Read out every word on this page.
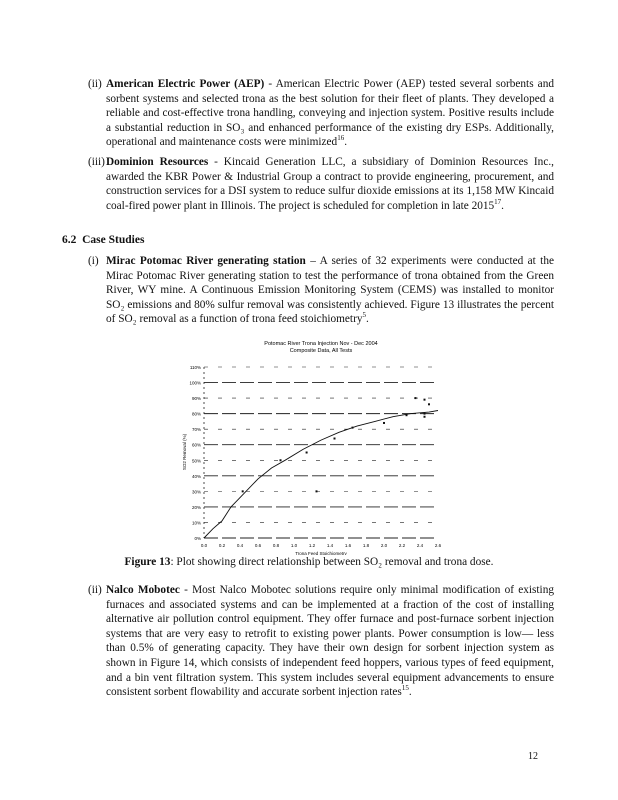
(ii) American Electric Power (AEP) - American Electric Power (AEP) tested several sorbents and sorbent systems and selected trona as the best solution for their fleet of plants. They developed a reliable and cost-effective trona handling, conveying and injection system. Positive results include a substantial reduction in SO₃ and enhanced performance of the existing dry ESPs. Additionally, operational and maintenance costs were minimized$^{16}$.

(iii) Dominion Resources - Kincaid Generation LLC, a subsidiary of Dominion Resources Inc., awarded the KBR Power & Industrial Group a contract to provide engineering, procurement, and construction services for a DSI system to reduce sulfur dioxide emissions at its 1,158 MW Kincaid coal-fired power plant in Illinois. The project is scheduled for completion in late 2015$^{17}$.

6.2 Case Studies
(i) Mirac Potomac River generating station – A series of 32 experiments were conducted at the Mirac Potomac River generating station to test the performance of trona obtained from the Green River, WY mine. A Continuous Emission Monitoring System (CEMS) was installed to monitor SO₂ emissions and 80% sulfur removal was consistently achieved. Figure 13 illustrates the percent of SO₂ removal as a function of trona feed stoichiometry$^5$.

Potomac River Trona Injection Nov - Dec 2004
Composite Data, All Tests
0%
10%
20%
30%
40%
50%
60%
70%
80%
90%
100%
110%
0.0	0.2	0.4	0.6	0.8	1.0	1.2	1.4	1.6	1.8	2.0	2.2	2.4	2.6
Trona Feed Stoichiometry
SO2 Removal (%)
Figure 13: Plot showing direct relationship between SO₂ removal and trona dose.
(ii) Nalco Mobotec - Most Nalco Mobotec solutions require only minimal modification of existing furnaces and associated systems and can be implemented at a fraction of the cost of installing alternative air pollution control equipment. They offer furnace and post-furnace sorbent injection systems that are very easy to retrofit to existing power plants. Power consumption is low— less than 0.5% of generating capacity. They have their own design for sorbent injection system as shown in Figure 14, which consists of independent feed hoppers, various types of feed equipment, and a bin vent filtration system. This system includes several equipment advancements to ensure consistent sorbent flowability and accurate sorbent injection rates$^{15}$.

12
